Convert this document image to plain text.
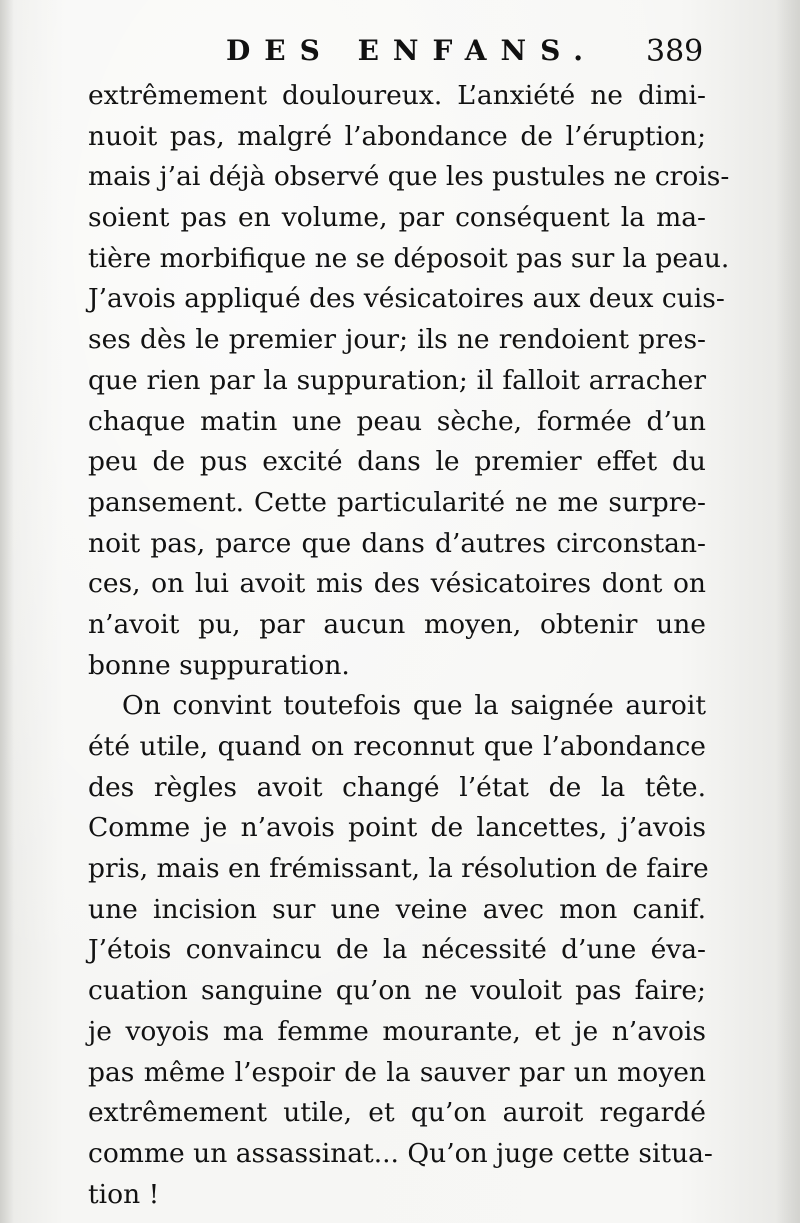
DES ENFANS. 389
extrêmement douloureux. L’anxiété ne dimi-
nuoit pas, malgré l’abondance de l’éruption;
mais j’ai déjà observé que les pustules ne crois-
soient pas en volume, par conséquent la ma-
tière morbifique ne se déposoit pas sur la peau.
J’avois appliqué des vésicatoires aux deux cuis-
ses dès le premier jour; ils ne rendoient pres-
que rien par la suppuration; il falloit arracher
chaque matin une peau sèche, formée d’un
peu de pus excité dans le premier effet du
pansement. Cette particularité ne me surpre-
noit pas, parce que dans d’autres circonstan-
ces, on lui avoit mis des vésicatoires dont on
n’avoit pu, par aucun moyen, obtenir une
bonne suppuration.
On convint toutefois que la saignée auroit
été utile, quand on reconnut que l’abondance
des règles avoit changé l’état de la tête.
Comme je n’avois point de lancettes, j’avois
pris, mais en frémissant, la résolution de faire
une incision sur une veine avec mon canif.
J’étois convaincu de la nécessité d’une éva-
cuation sanguine qu’on ne vouloit pas faire;
je voyois ma femme mourante, et je n’avois
pas même l’espoir de la sauver par un moyen
extrêmement utile, et qu’on auroit regardé
comme un assassinat... Qu’on juge cette situa-
tion !
